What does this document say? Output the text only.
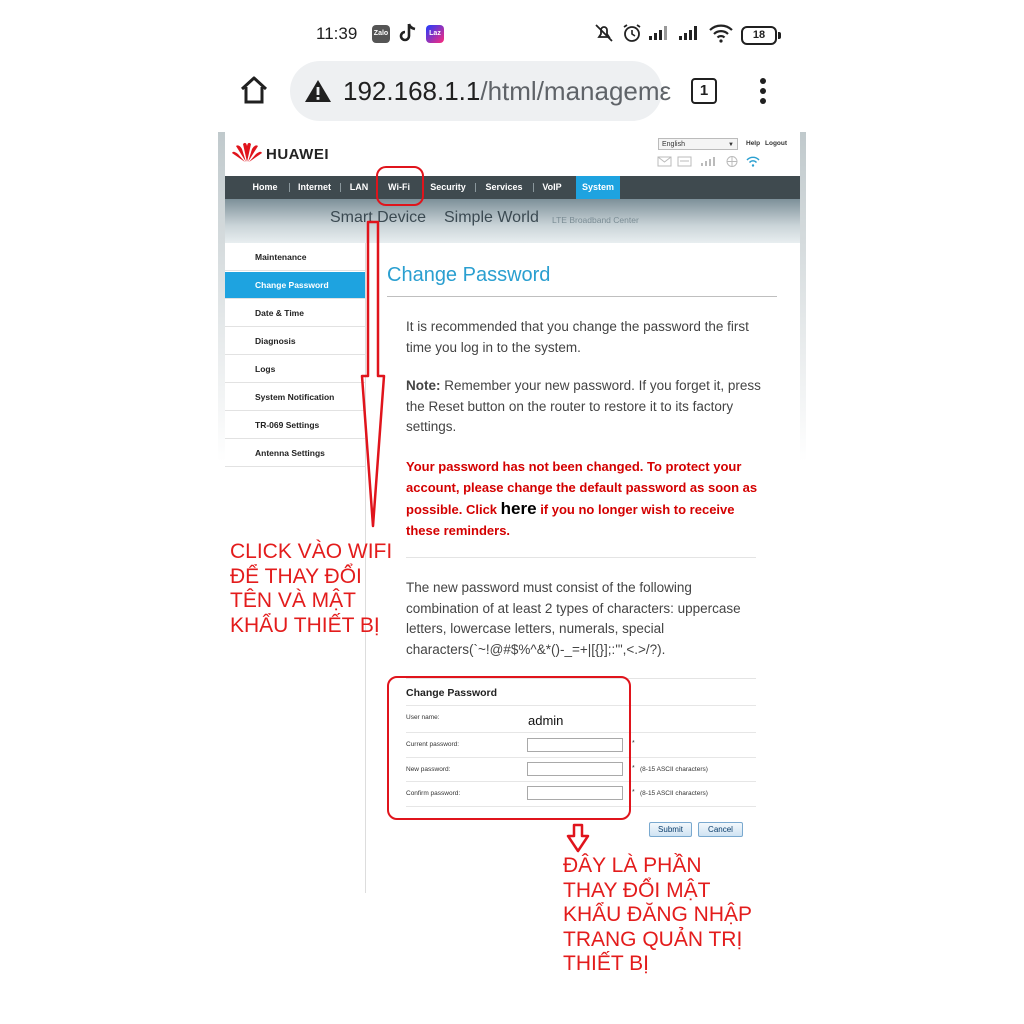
11:39 Zalo	Laz	18
192.168.1.1/html/managemε	1
HUAWEI
English	▼ Help Logout
Home	Internet	LAN	Wi-Fi	Security	Services	VoIP	System
Smart Device Simple World LTE Broadband Center
Maintenance
Change Password
Date & Time
Diagnosis
Logs
System Notification
TR-069 Settings
Antenna Settings
Change Password
It is recommended that you change the password the first time you log in to the system.
Note: Remember your new password. If you forget it, press the Reset button on the router to restore it to its factory settings.
Your password has not been changed. To protect your account, please change the default password as soon as possible. Click here if you no longer wish to receive these reminders.
The new password must consist of the following combination of at least 2 types of characters: uppercase letters, lowercase letters, numerals, special characters(`~!@#$%^&*()-_=+|[{}];:'",<.>/?).
Change Password
User name:	admin
Current password:	*
New password:	* (8-15 ASCII characters)
Confirm password:	* (8-15 ASCII characters)
Submit	Cancel
CLICK VÀO WIFI
ĐỂ THAY ĐỔI
TÊN VÀ MẬT
KHẨU THIẾT BỊ
ĐÂY LÀ PHẦN
THAY ĐỔI MẬT
KHẨU ĐĂNG NHẬP
TRANG QUẢN TRỊ
THIẾT BỊ
